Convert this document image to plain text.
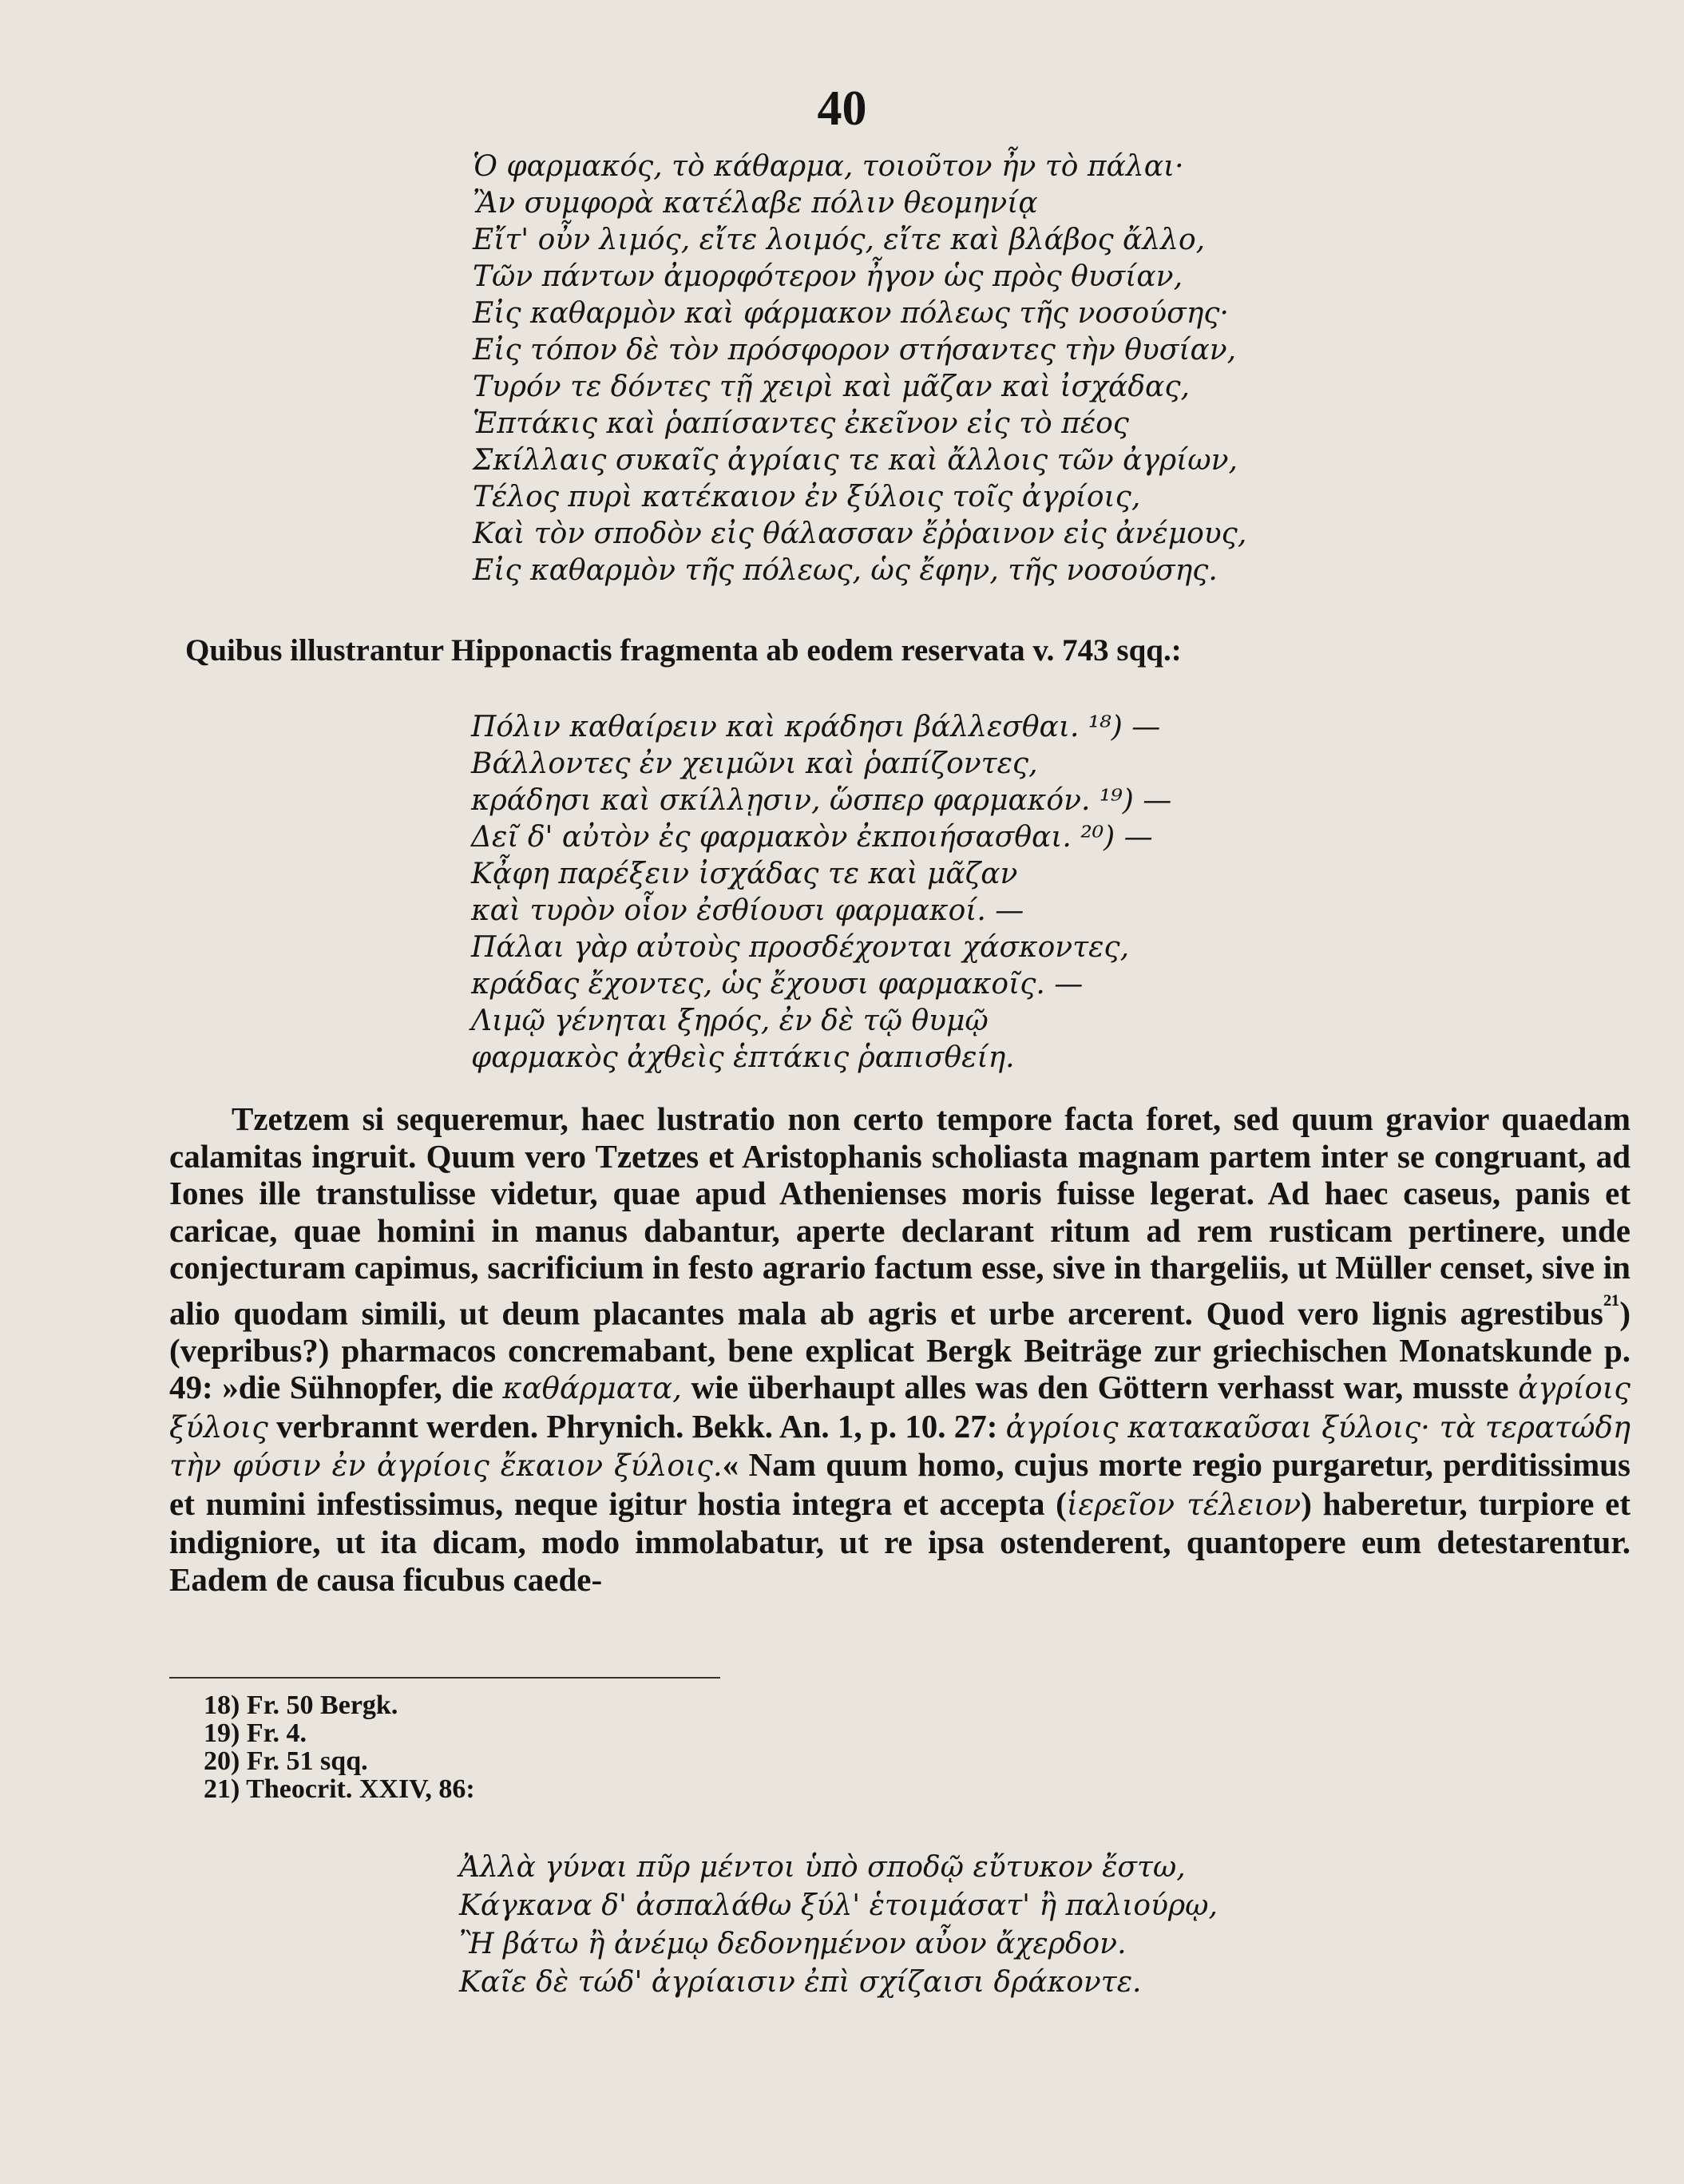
40
Ὁ φαρμακός, τὸ κάθαρμα, τοιοῦτον ἦν τὸ πάλαι·
Ἂν συμφορὰ κατέλαβε πόλιν θεομηνίᾳ
Εἴτ' οὖν λιμός, εἴτε λοιμός, εἴτε καὶ βλάβος ἄλλο,
Τῶν πάντων ἀμορφότερον ἦγον ὡς πρὸς θυσίαν,
Εἰς καθαρμὸν καὶ φάρμακον πόλεως τῆς νοσούσης·
Εἰς τόπον δὲ τὸν πρόσφορον στήσαντες τὴν θυσίαν,
Τυρόν τε δόντες τῇ χειρὶ καὶ μᾶζαν καὶ ἰσχάδας,
Ἑπτάκις καὶ ῥαπίσαντες ἐκεῖνον εἰς τὸ πέος
Σκίλλαις συκαῖς ἀγρίαις τε καὶ ἄλλοις τῶν ἀγρίων,
Τέλος πυρὶ κατέκαιον ἐν ξύλοις τοῖς ἀγρίοις,
Καὶ τὸν σποδὸν εἰς θάλασσαν ἔῤῥαινον εἰς ἀνέμους,
Εἰς καθαρμὸν τῆς πόλεως, ὡς ἔφην, τῆς νοσούσης.
Quibus illustrantur Hipponactis fragmenta ab eodem reservata v. 743 sqq.:
Πόλιν καθαίρειν καὶ κράδησι βάλλεσθαι. ¹⁸) —
Βάλλοντες ἐν χειμῶνι καὶ ῥαπίζοντες,
κράδησι καὶ σκίλλῃσιν, ὥσπερ φαρμακόν. ¹⁹) —
Δεῖ δ' αὐτὸν ἐς φαρμακὸν ἐκποιήσασθαι. ²⁰) —
Κᾆφη παρέξειν ἰσχάδας τε καὶ μᾶζαν
καὶ τυρὸν οἷον ἐσθίουσι φαρμακοί. —
Πάλαι γὰρ αὐτοὺς προσδέχονται χάσκοντες,
κράδας ἔχοντες, ὡς ἔχουσι φαρμακοῖς. —
Λιμῷ γένηται ξηρός, ἐν δὲ τῷ θυμῷ
φαρμακὸς ἀχθεὶς ἑπτάκις ῥαπισθείη.

Tzetzem si sequeremur, haec lustratio non certo tempore facta foret, sed quum gravior quaedam calamitas ingruit. Quum vero Tzetzes et Aristophanis scholiasta magnam partem inter se congruant, ad Iones ille transtulisse videtur, quae apud Athenienses moris fuisse legerat. Ad haec caseus, panis et caricae, quae homini in manus dabantur, aperte declarant ritum ad rem rusticam pertinere, unde conjecturam capimus, sacrificium in festo agrario factum esse, sive in thargeliis, ut Müller censet, sive in alio quodam simili, ut deum placantes mala ab agris et urbe arcerent. Quod vero lignis agrestibus$^{^{21}}$) (vepribus?) pharmacos concremabant, bene explicat Bergk Beiträge zur griechischen Monatskunde p. 49: »die Sühnopfer, die καθάρματα, wie überhaupt alles was den Göttern verhasst war, musste ἀγρίοις ξύλοις verbrannt werden. Phrynich. Bekk. An. 1, p. 10. 27: ἀγρίοις κατακαῦσαι ξύλοις· τὰ τερατώδη τὴν φύσιν ἐν ἀγρίοις ἔκαιον ξύλοις.« Nam quum homo, cujus morte regio purgaretur, perditissimus et numini infestissimus, neque igitur hostia integra et accepta (ἱερεῖον τέλειον) haberetur, turpiore et indigniore, ut ita dicam, modo immolabatur, ut re ipsa ostenderent, quantopere eum detestarentur. Eadem de causa ficubus caede-

18) Fr. 50 Bergk.
19) Fr. 4.
20) Fr. 51 sqq.
21) Theocrit. XXIV, 86:
Ἀλλὰ γύναι πῦρ μέντοι ὑπὸ σποδῷ εὔτυκον ἔστω,
Κάγκανα δ' ἀσπαλάθω ξύλ' ἑτοιμάσατ' ἢ παλιούρῳ,
Ἢ βάτω ἢ ἀνέμῳ δεδονημένον αὖον ἄχερδον.
Καῖε δὲ τώδ' ἀγρίαισιν ἐπὶ σχίζαισι δράκοντε.
